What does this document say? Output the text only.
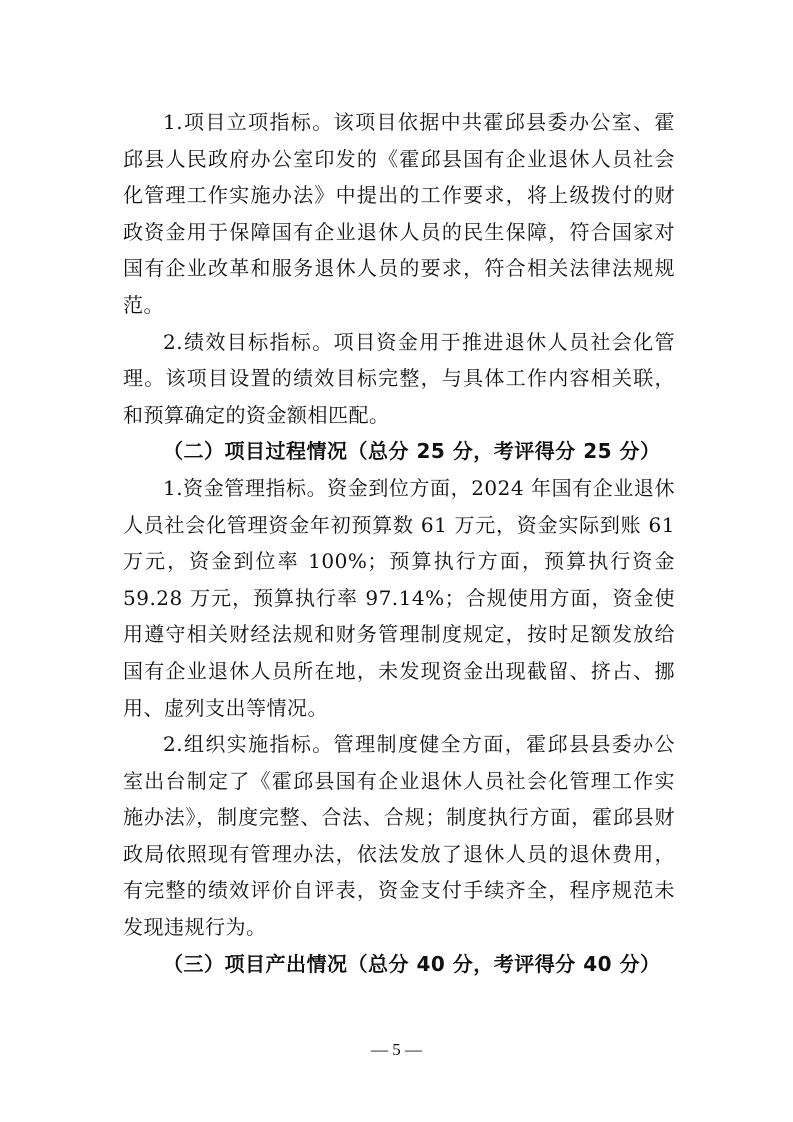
1.项目立项指标。该项目依据中共霍邱县委办公室、霍邱县人民政府办公室印发的《霍邱县国有企业退休人员社会化管理工作实施办法》中提出的工作要求，将上级拨付的财政资金用于保障国有企业退休人员的民生保障，符合国家对国有企业改革和服务退休人员的要求，符合相关法律法规规范。

2.绩效目标指标。项目资金用于推进退休人员社会化管理。该项目设置的绩效目标完整，与具体工作内容相关联，和预算确定的资金额相匹配。

（二）项目过程情况（总分 25 分，考评得分 25 分）

1.资金管理指标。资金到位方面，2024 年国有企业退休人员社会化管理资金年初预算数 61 万元，资金实际到账 61 万元，资金到位率 100%；预算执行方面，预算执行资金 59.28 万元，预算执行率 97.14%；合规使用方面，资金使用遵守相关财经法规和财务管理制度规定，按时足额发放给国有企业退休人员所在地，未发现资金出现截留、挤占、挪用、虚列支出等情况。

2.组织实施指标。管理制度健全方面，霍邱县县委办公室出台制定了《霍邱县国有企业退休人员社会化管理工作实施办法》，制度完整、合法、合规；制度执行方面，霍邱县财政局依照现有管理办法，依法发放了退休人员的退休费用，有完整的绩效评价自评表，资金支付手续齐全，程序规范未发现违规行为。

（三）项目产出情况（总分 40 分，考评得分 40 分）
— 5 —
